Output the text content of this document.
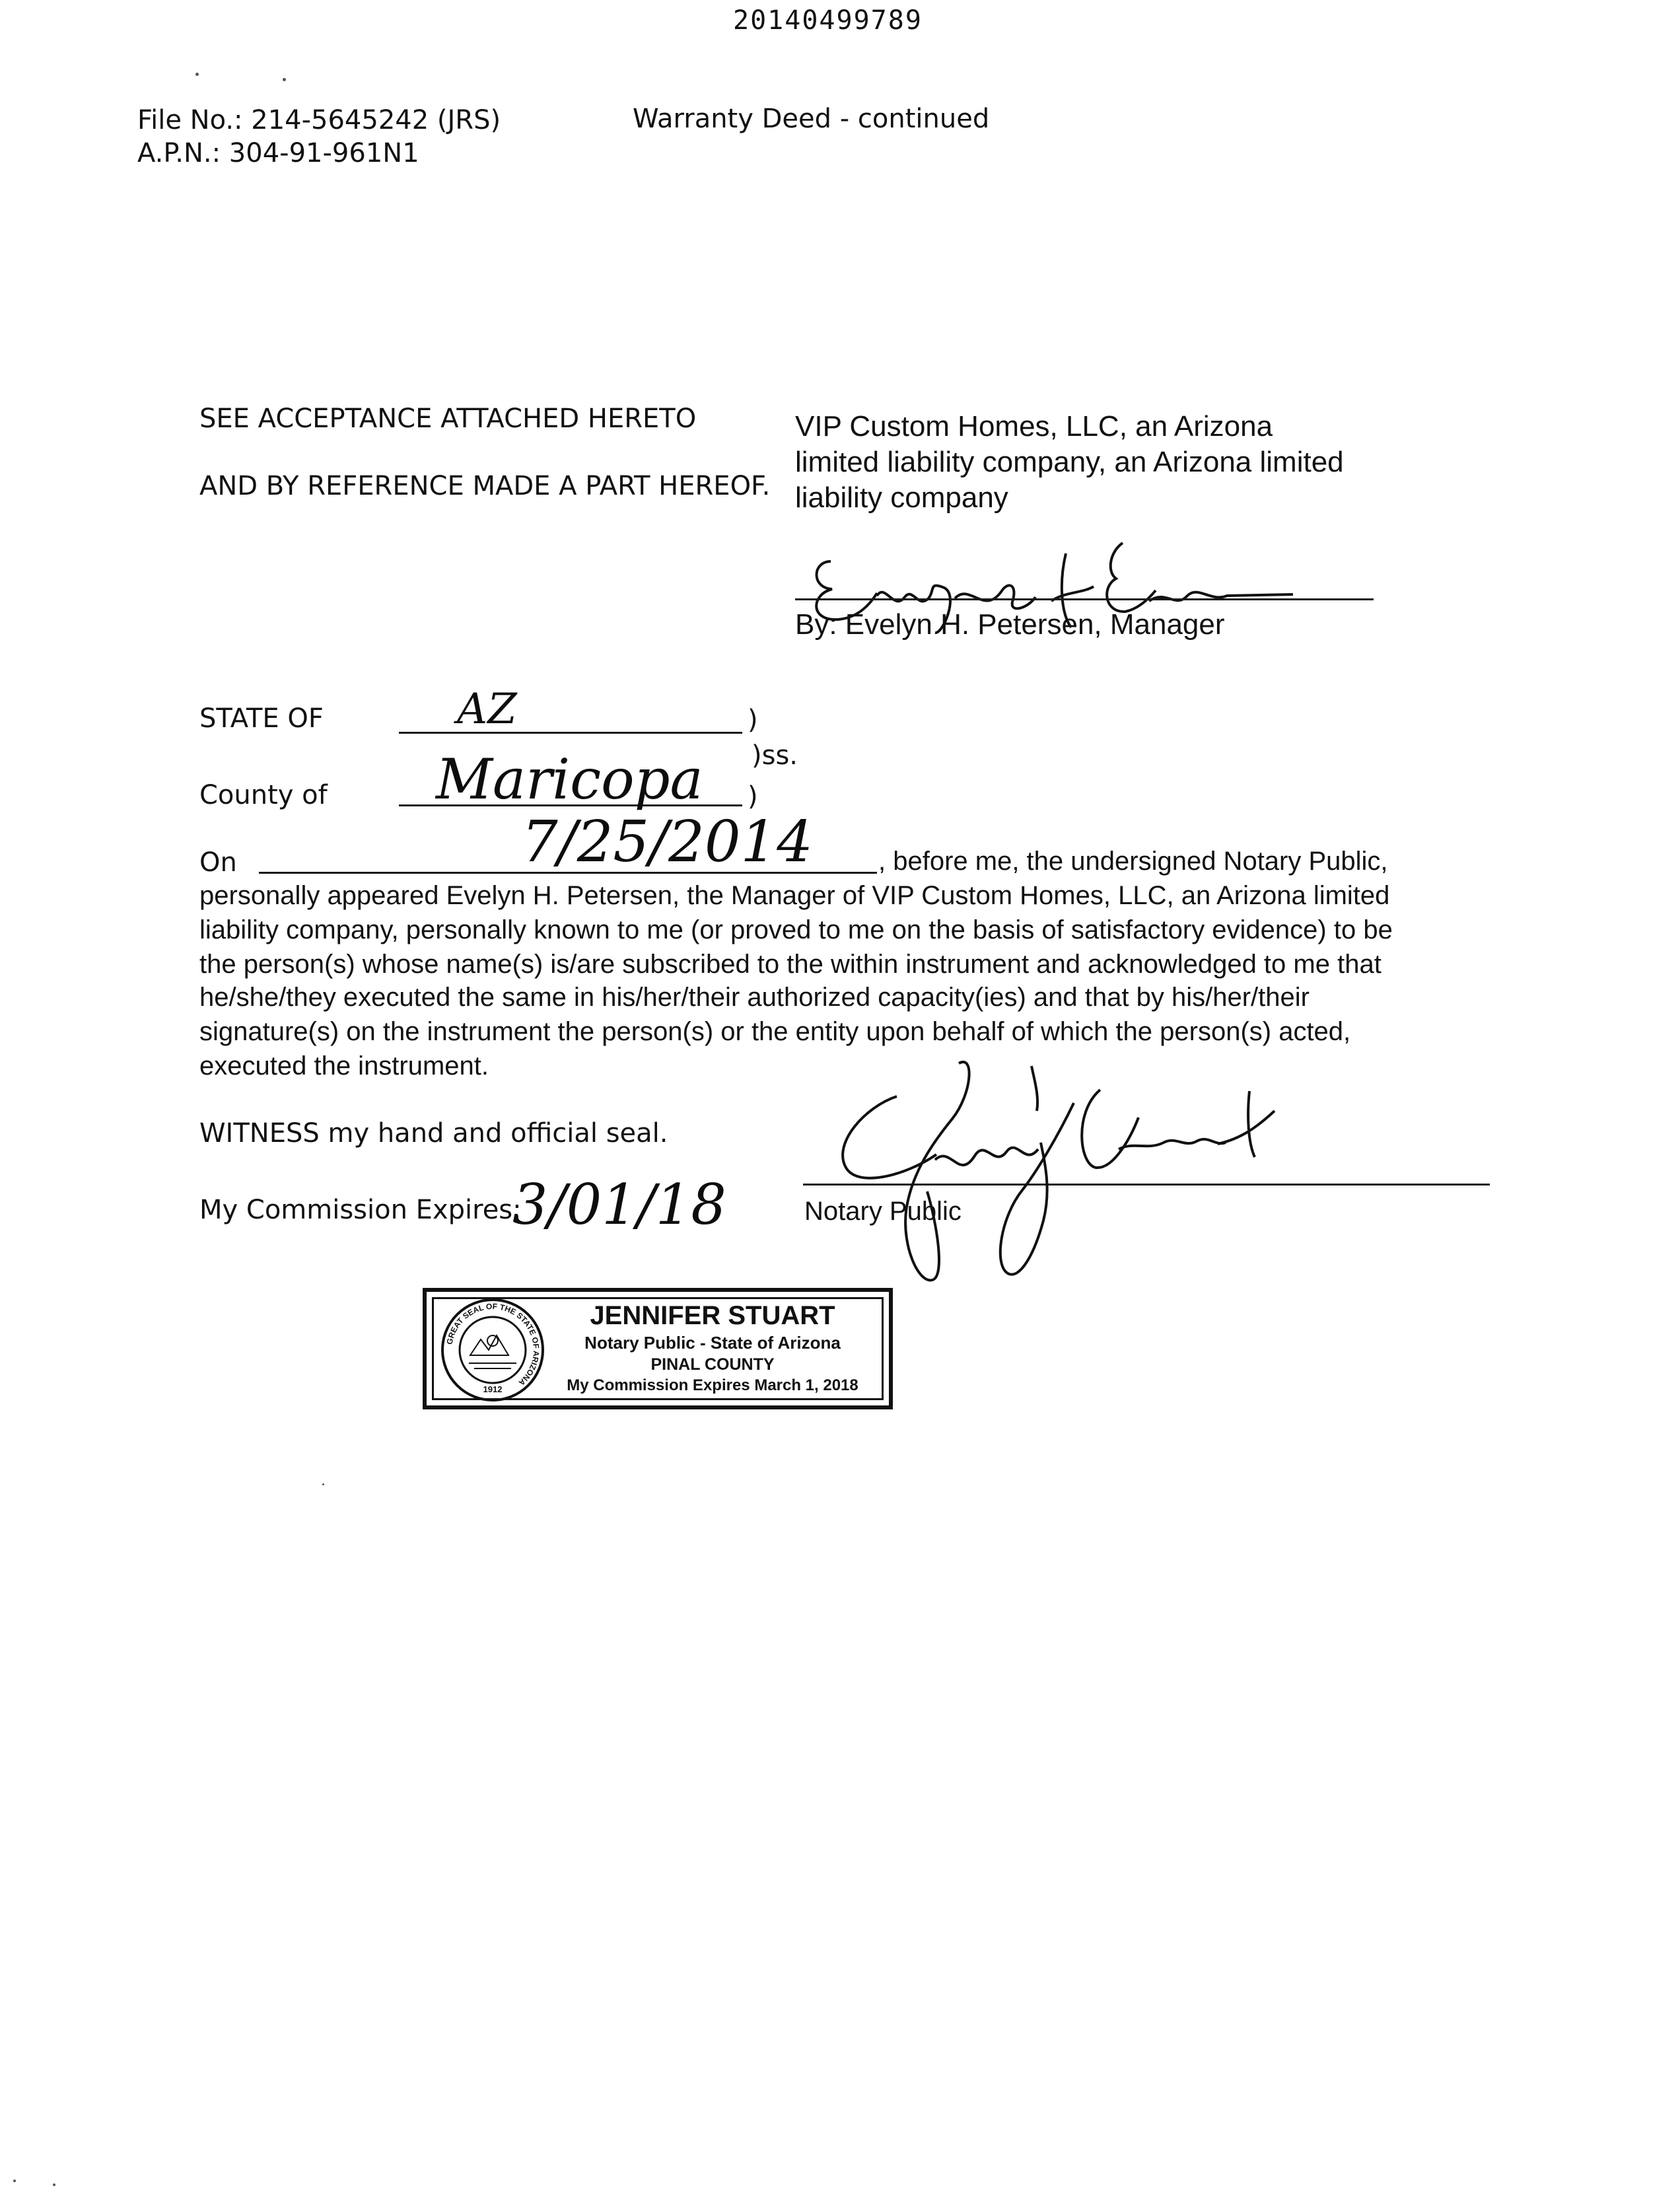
20140499789
File No.: 214-5645242 (JRS)
A.P.N.: 304-91-961N1
Warranty Deed - continued
SEE ACCEPTANCE ATTACHED HERETO
AND BY REFERENCE MADE A PART HEREOF.
VIP Custom Homes, LLC, an Arizona
limited liability company, an Arizona limited
liability company
By: Evelyn H. Petersen, Manager
STATE OF	AZ	)
)ss.
County of Maricopa )
On	7/25/2014 , before me, the undersigned Notary Public,
personally appeared Evelyn H. Petersen, the Manager of VIP Custom Homes, LLC, an Arizona limited
liability company, personally known to me (or proved to me on the basis of satisfactory evidence) to be
the person(s) whose name(s) is/are subscribed to the within instrument and acknowledged to me that
he/she/they executed the same in his/her/their authorized capacity(ies) and that by his/her/their
signature(s) on the instrument the person(s) or the entity upon behalf of which the person(s) acted,
executed the instrument.
WITNESS my hand and official seal.
My Commission Expires:
3/01/18	Notary Public
GREAT SEAL OF THE STATE OF ARIZONA
1912
JENNIFER STUART
Notary Public - State of Arizona
PINAL COUNTY
My Commission Expires March 1, 2018
